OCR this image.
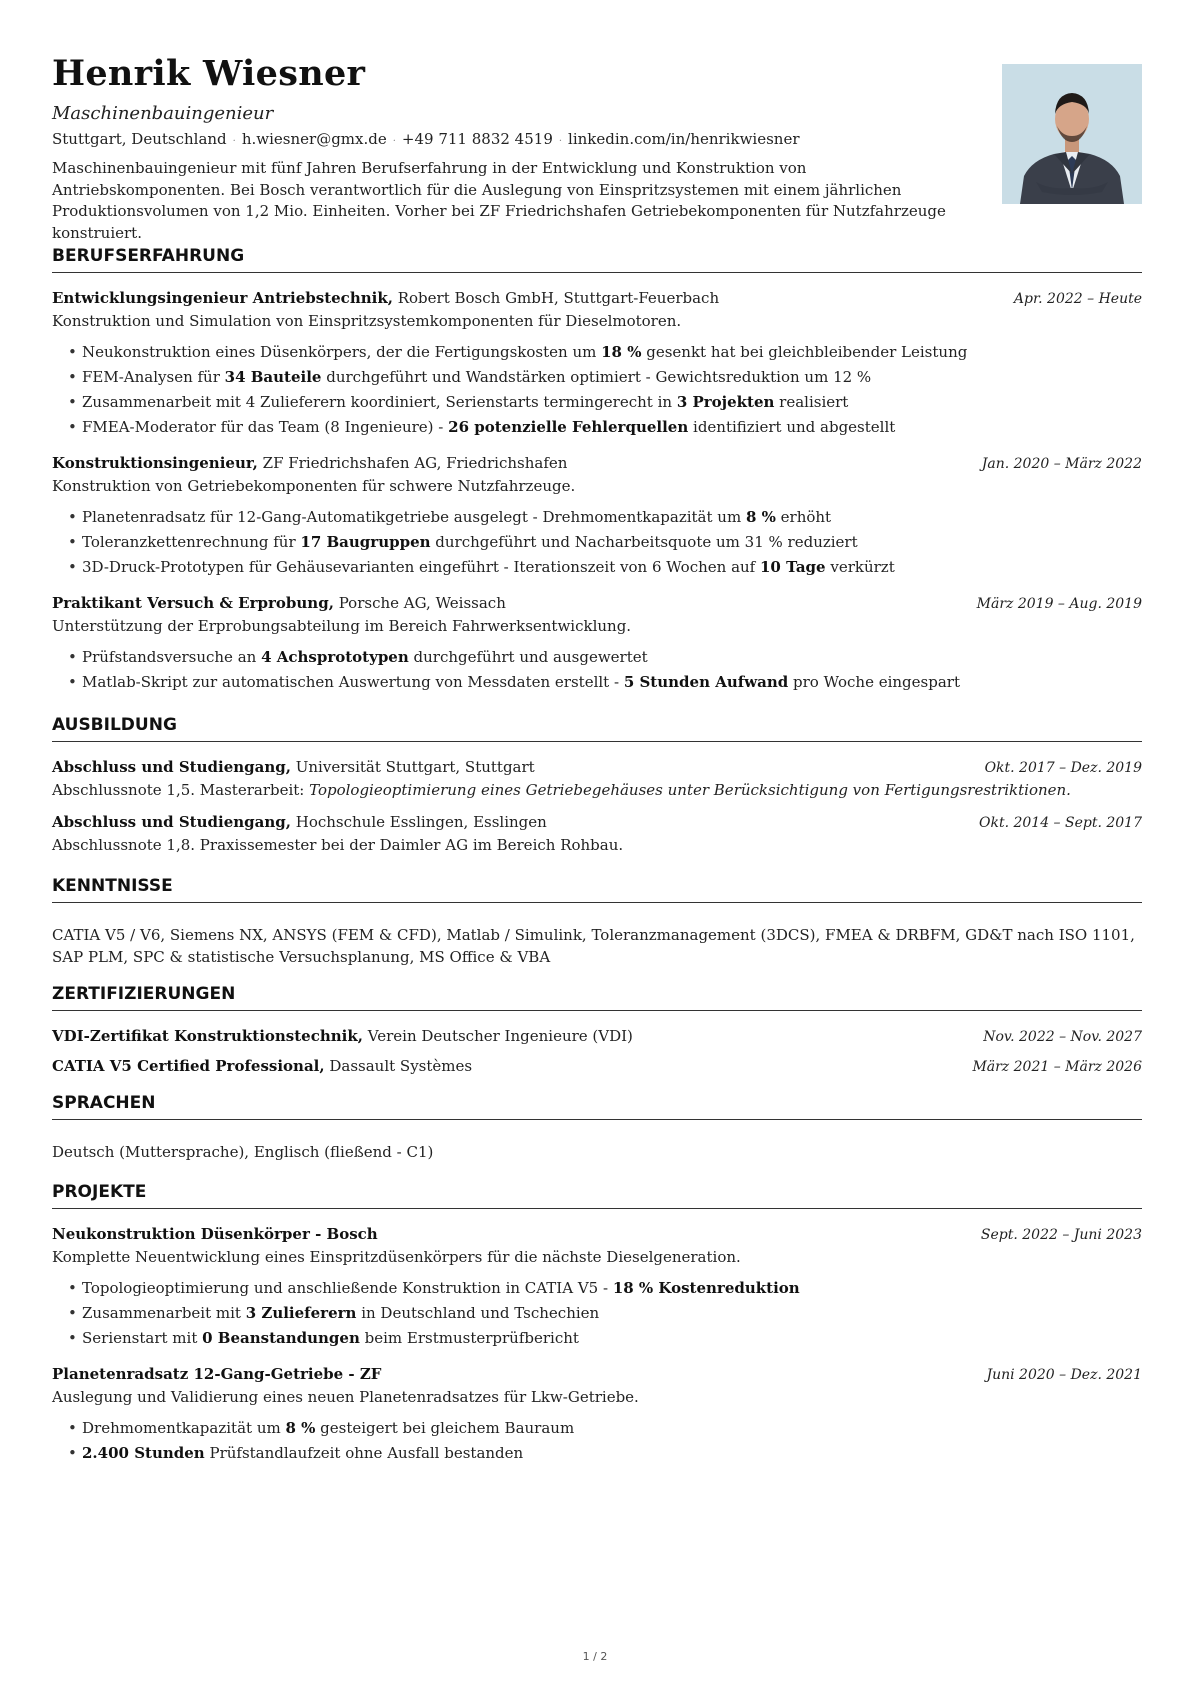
Henrik Wiesner
Maschinenbauingenieur
Stuttgart, Deutschland · h.wiesner@gmx.de · +49 711 8832 4519 · linkedin.com/in/henrikwiesner
Maschinenbauingenieur mit fünf Jahren Berufserfahrung in der Entwicklung und Konstruktion von Antriebskomponenten. Bei Bosch verantwortlich für die Auslegung von Einspritzsystemen mit einem jährlichen Produktionsvolumen von 1,2 Mio. Einheiten. Vorher bei ZF Friedrichshafen Getriebekomponenten für Nutzfahrzeuge konstruiert.
BERUFSERFAHRUNG
Entwicklungsingenieur Antriebstechnik, Robert Bosch GmbH, Stuttgart-Feuerbach	Apr. 2022 – Heute
Konstruktion und Simulation von Einspritzsystemkomponenten für Dieselmotoren.
• Neukonstruktion eines Düsenkörpers, der die Fertigungskosten um 18 % gesenkt hat bei gleichbleibender Leistung
• FEM-Analysen für 34 Bauteile durchgeführt und Wandstärken optimiert - Gewichtsreduktion um 12 %
• Zusammenarbeit mit 4 Zulieferern koordiniert, Serienstarts termingerecht in 3 Projekten realisiert
• FMEA-Moderator für das Team (8 Ingenieure) - 26 potenzielle Fehlerquellen identifiziert und abgestellt
Konstruktionsingenieur, ZF Friedrichshafen AG, Friedrichshafen	Jan. 2020 – März 2022
Konstruktion von Getriebekomponenten für schwere Nutzfahrzeuge.
• Planetenradsatz für 12-Gang-Automatikgetriebe ausgelegt - Drehmomentkapazität um 8 % erhöht
• Toleranzkettenrechnung für 17 Baugruppen durchgeführt und Nacharbeitsquote um 31 % reduziert
• 3D-Druck-Prototypen für Gehäusevarianten eingeführt - Iterationszeit von 6 Wochen auf 10 Tage verkürzt
Praktikant Versuch & Erprobung, Porsche AG, Weissach	März 2019 – Aug. 2019
Unterstützung der Erprobungsabteilung im Bereich Fahrwerksentwicklung.
• Prüfstandsversuche an 4 Achsprototypen durchgeführt und ausgewertet
• Matlab-Skript zur automatischen Auswertung von Messdaten erstellt - 5 Stunden Aufwand pro Woche eingespart
AUSBILDUNG
Abschluss und Studiengang, Universität Stuttgart, Stuttgart	Okt. 2017 – Dez. 2019
Abschlussnote 1,5. Masterarbeit: Topologieoptimierung eines Getriebegehäuses unter Berücksichtigung von Fertigungsrestriktionen.
Abschluss und Studiengang, Hochschule Esslingen, Esslingen	Okt. 2014 – Sept. 2017
Abschlussnote 1,8. Praxissemester bei der Daimler AG im Bereich Rohbau.
KENNTNISSE
CATIA V5 / V6, Siemens NX, ANSYS (FEM & CFD), Matlab / Simulink, Toleranzmanagement (3DCS), FMEA & DRBFM, GD&T nach ISO 1101, SAP PLM, SPC & statistische Versuchsplanung, MS Office & VBA
ZERTIFIZIERUNGEN
VDI-Zertifikat Konstruktionstechnik, Verein Deutscher Ingenieure (VDI)	Nov. 2022 – Nov. 2027
CATIA V5 Certified Professional, Dassault Systèmes	März 2021 – März 2026
SPRACHEN
Deutsch (Muttersprache), Englisch (fließend - C1)
PROJEKTE
Neukonstruktion Düsenkörper - Bosch	Sept. 2022 – Juni 2023
Komplette Neuentwicklung eines Einspritzdüsenkörpers für die nächste Dieselgeneration.
• Topologieoptimierung und anschließende Konstruktion in CATIA V5 - 18 % Kostenreduktion
• Zusammenarbeit mit 3 Zulieferern in Deutschland und Tschechien
• Serienstart mit 0 Beanstandungen beim Erstmusterprüfbericht
Planetenradsatz 12-Gang-Getriebe - ZF	Juni 2020 – Dez. 2021
Auslegung und Validierung eines neuen Planetenradsatzes für Lkw-Getriebe.
• Drehmomentkapazität um 8 % gesteigert bei gleichem Bauraum
• 2.400 Stunden Prüfstandlaufzeit ohne Ausfall bestanden
1 / 2
